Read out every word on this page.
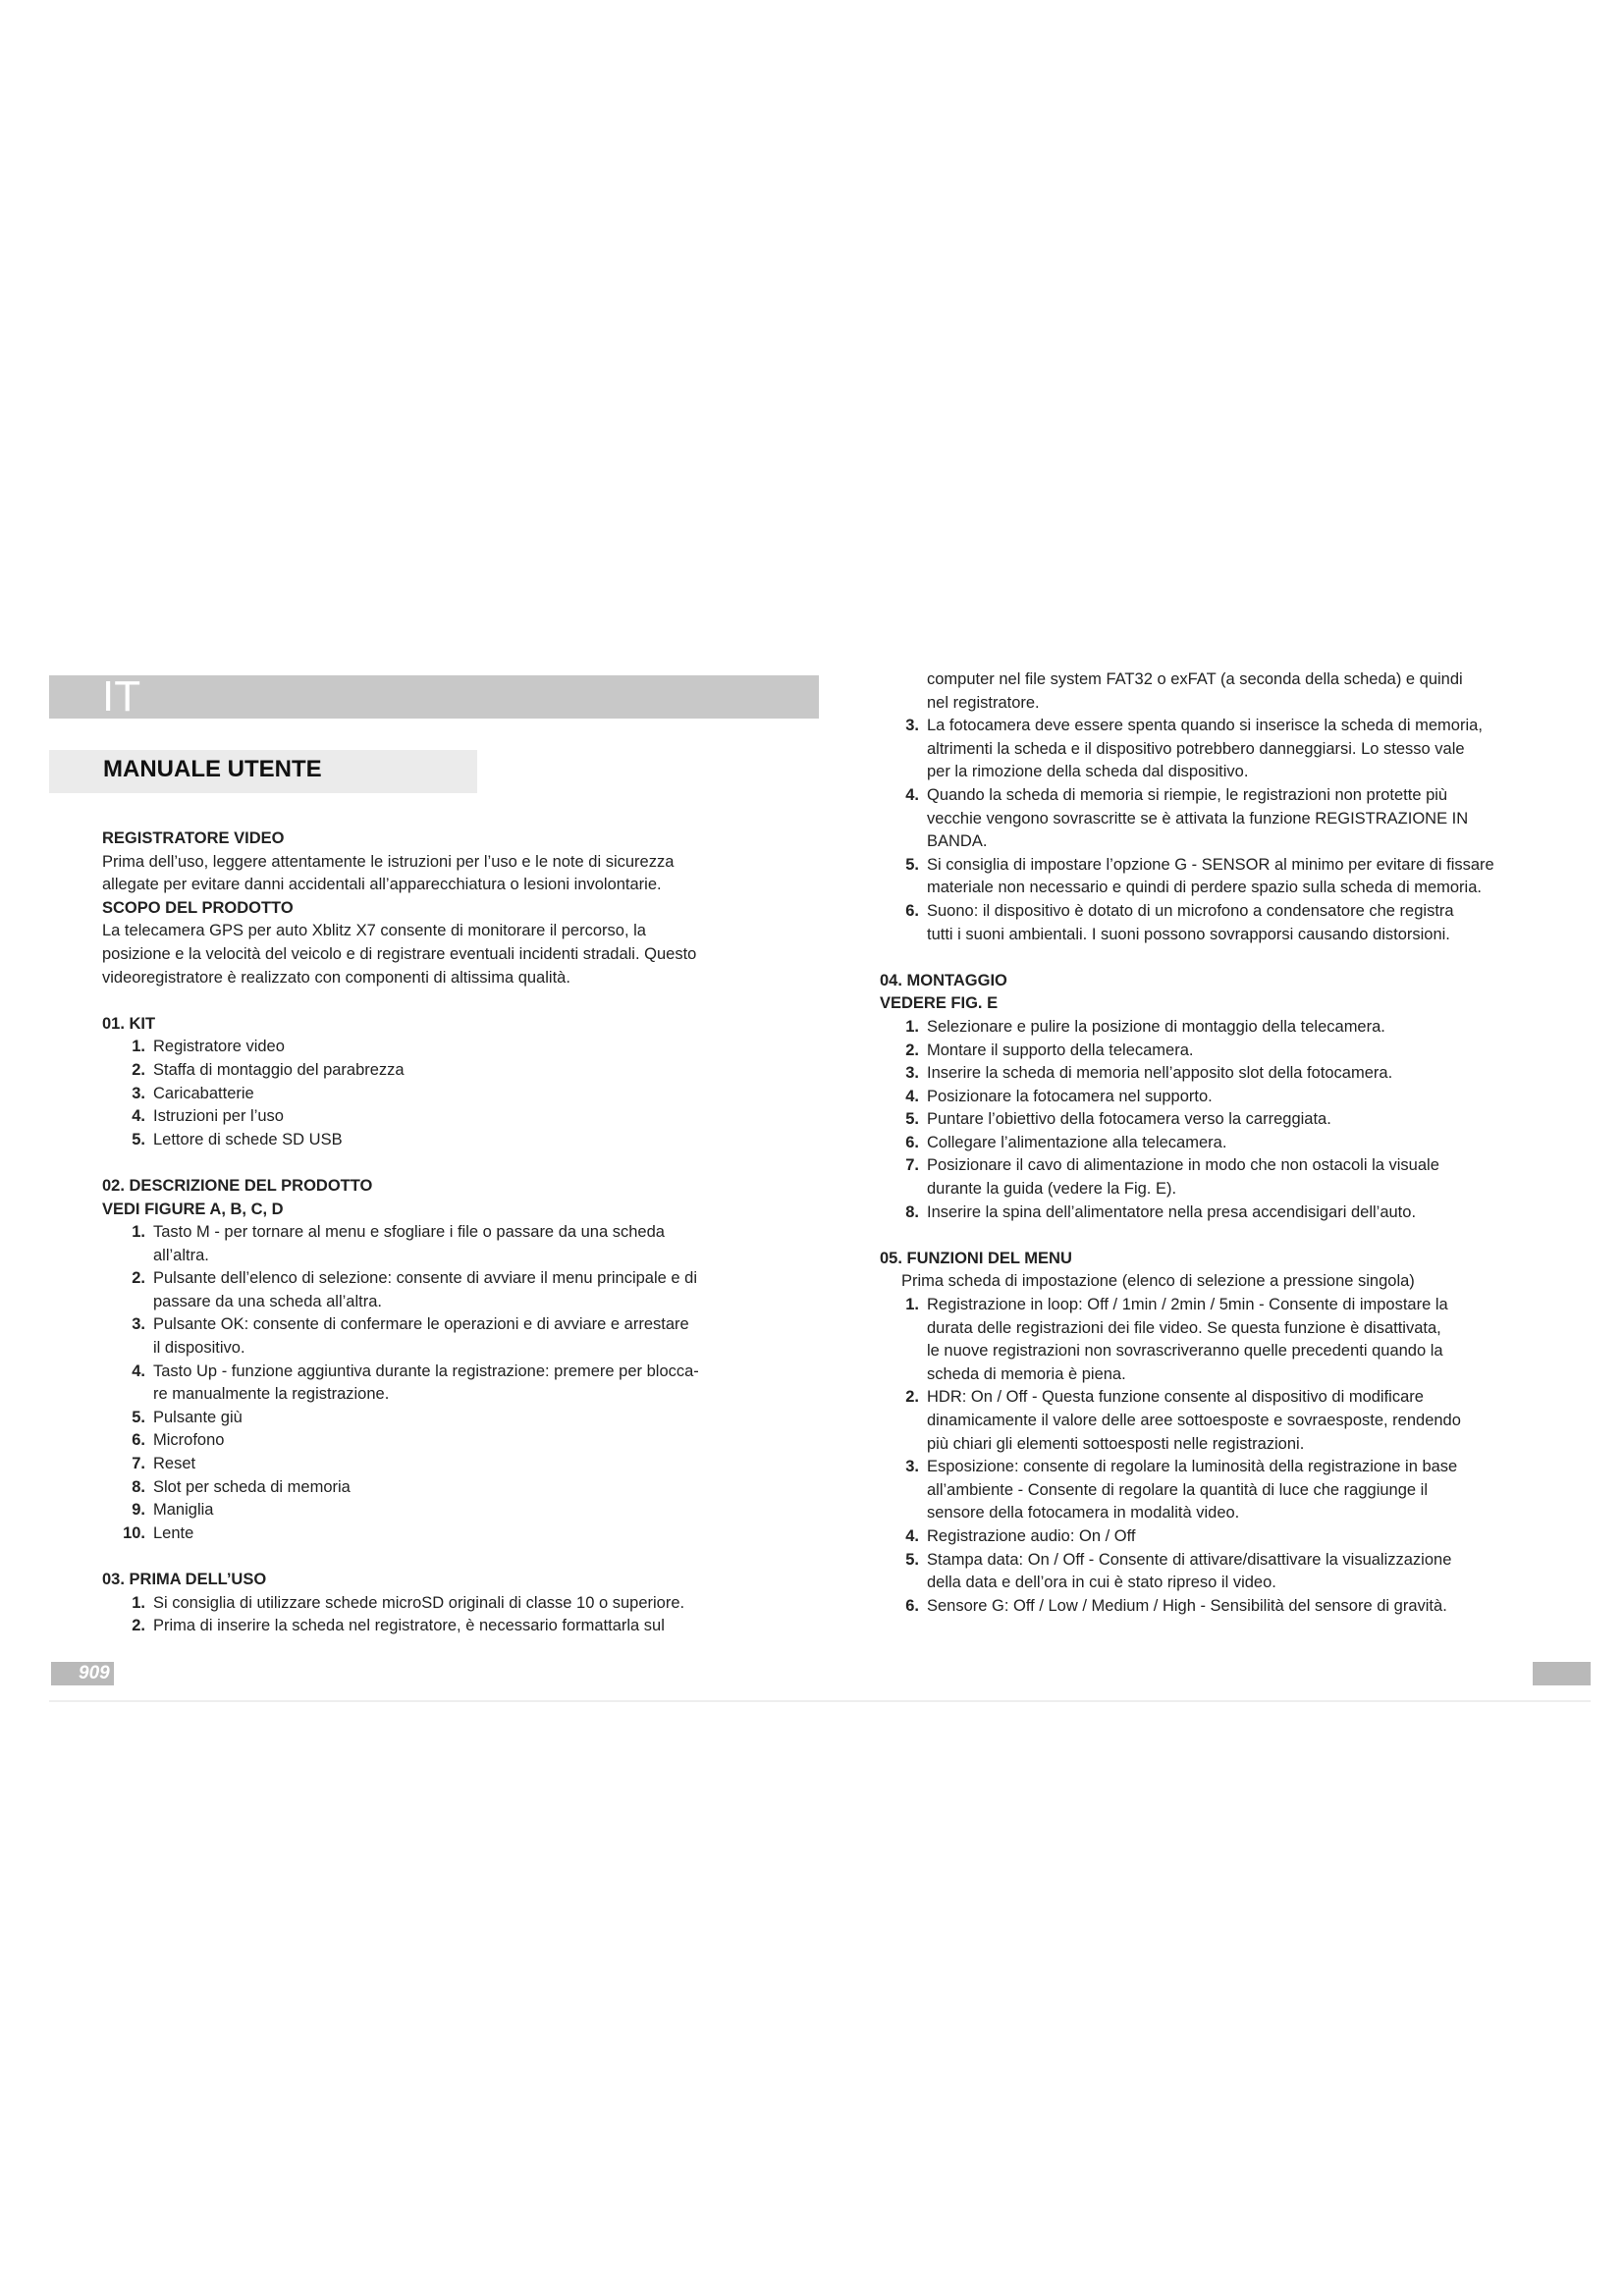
IT
MANUALE UTENTE
REGISTRATORE VIDEO
Prima dell’uso, leggere attentamente le istruzioni per l’uso e le note di sicurezza
allegate per evitare danni accidentali all’apparecchiatura o lesioni involontarie.
SCOPO DEL PRODOTTO
La telecamera GPS per auto Xblitz X7 consente di monitorare il percorso, la
posizione e la velocità del veicolo e di registrare eventuali incidenti stradali. Questo
videoregistratore è realizzato con componenti di altissima qualità.
01. KIT
1. Registratore video
2. Staffa di montaggio del parabrezza
3. Caricabatterie
4. Istruzioni per l’uso
5. Lettore di schede SD USB
02. DESCRIZIONE DEL PRODOTTO
VEDI FIGURE A, B, C, D
1. Tasto M - per tornare al menu e sfogliare i file o passare da una scheda
all’altra.
2. Pulsante dell’elenco di selezione: consente di avviare il menu principale e di
passare da una scheda all’altra.
3. Pulsante OK: consente di confermare le operazioni e di avviare e arrestare
il dispositivo.
4. Tasto Up - funzione aggiuntiva durante la registrazione: premere per blocca-
re manualmente la registrazione.
5. Pulsante giù
6. Microfono
7. Reset
8. Slot per scheda di memoria
9. Maniglia
10. Lente
03. PRIMA DELL’USO
1. Si consiglia di utilizzare schede microSD originali di classe 10 o superiore.
2. Prima di inserire la scheda nel registratore, è necessario formattarla sul
computer nel file system FAT32 o exFAT (a seconda della scheda) e quindi
nel registratore.
3. La fotocamera deve essere spenta quando si inserisce la scheda di memoria,
altrimenti la scheda e il dispositivo potrebbero danneggiarsi. Lo stesso vale
per la rimozione della scheda dal dispositivo.
4. Quando la scheda di memoria si riempie, le registrazioni non protette più
vecchie vengono sovrascritte se è attivata la funzione REGISTRAZIONE IN
BANDA.
5. Si consiglia di impostare l’opzione G - SENSOR al minimo per evitare di fissare
materiale non necessario e quindi di perdere spazio sulla scheda di memoria.
6. Suono: il dispositivo è dotato di un microfono a condensatore che registra
tutti i suoni ambientali. I suoni possono sovrapporsi causando distorsioni.
04. MONTAGGIO
VEDERE FIG. E
1. Selezionare e pulire la posizione di montaggio della telecamera.
2. Montare il supporto della telecamera.
3. Inserire la scheda di memoria nell’apposito slot della fotocamera.
4. Posizionare la fotocamera nel supporto.
5. Puntare l’obiettivo della fotocamera verso la carreggiata.
6. Collegare l’alimentazione alla telecamera.
7. Posizionare il cavo di alimentazione in modo che non ostacoli la visuale
durante la guida (vedere la Fig. E).
8. Inserire la spina dell’alimentatore nella presa accendisigari dell’auto.
05. FUNZIONI DEL MENU
Prima scheda di impostazione (elenco di selezione a pressione singola)
1. Registrazione in loop: Off / 1min / 2min / 5min - Consente di impostare la
durata delle registrazioni dei file video. Se questa funzione è disattivata,
le nuove registrazioni non sovrascriveranno quelle precedenti quando la
scheda di memoria è piena.
2. HDR: On / Off - Questa funzione consente al dispositivo di modificare
dinamicamente il valore delle aree sottoesposte e sovraesposte, rendendo
più chiari gli elementi sottoesposti nelle registrazioni.
3. Esposizione: consente di regolare la luminosità della registrazione in base
all’ambiente - Consente di regolare la quantità di luce che raggiunge il
sensore della fotocamera in modalità video.
4. Registrazione audio: On / Off
5. Stampa data: On / Off - Consente di attivare/disattivare la visualizzazione
della data e dell’ora in cui è stato ripreso il video.
6. Sensore G: Off / Low / Medium / High - Sensibilità del sensore di gravità.
909
